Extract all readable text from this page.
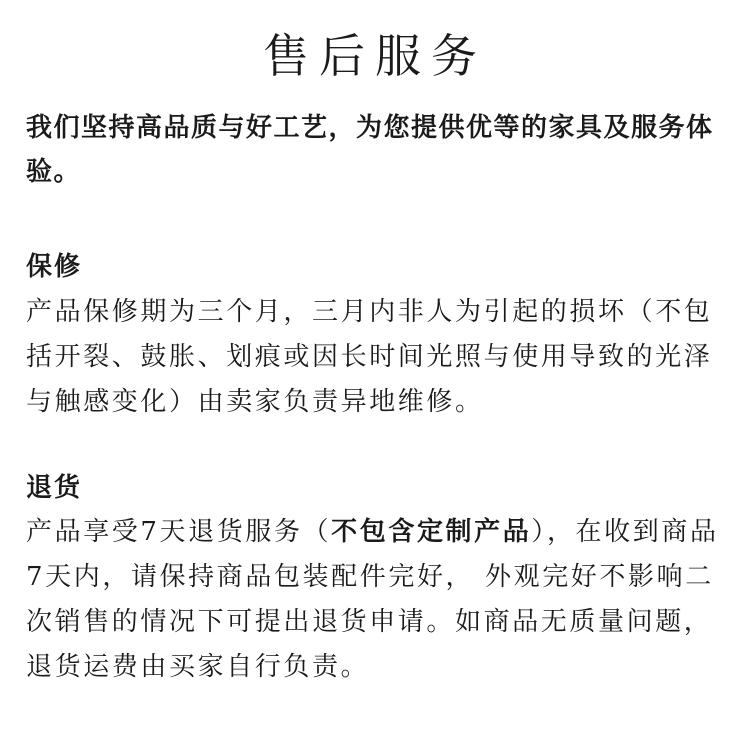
售后服务

我们坚持高品质与好工艺，为您提供优等的家具及服务体验。

保修

产品保修期为三个月，三月内非人为引起的损坏（不包括开裂、鼓胀、划痕或因长时间光照与使用导致的光泽与触感变化）由卖家负责异地维修。

退货

产品享受7天退货服务（不包含定制产品），在收到商品7天内，请保持商品包装配件完好， 外观完好不影响二次销售的情况下可提出退货申请。如商品无质量问题，退货运费由买家自行负责。
